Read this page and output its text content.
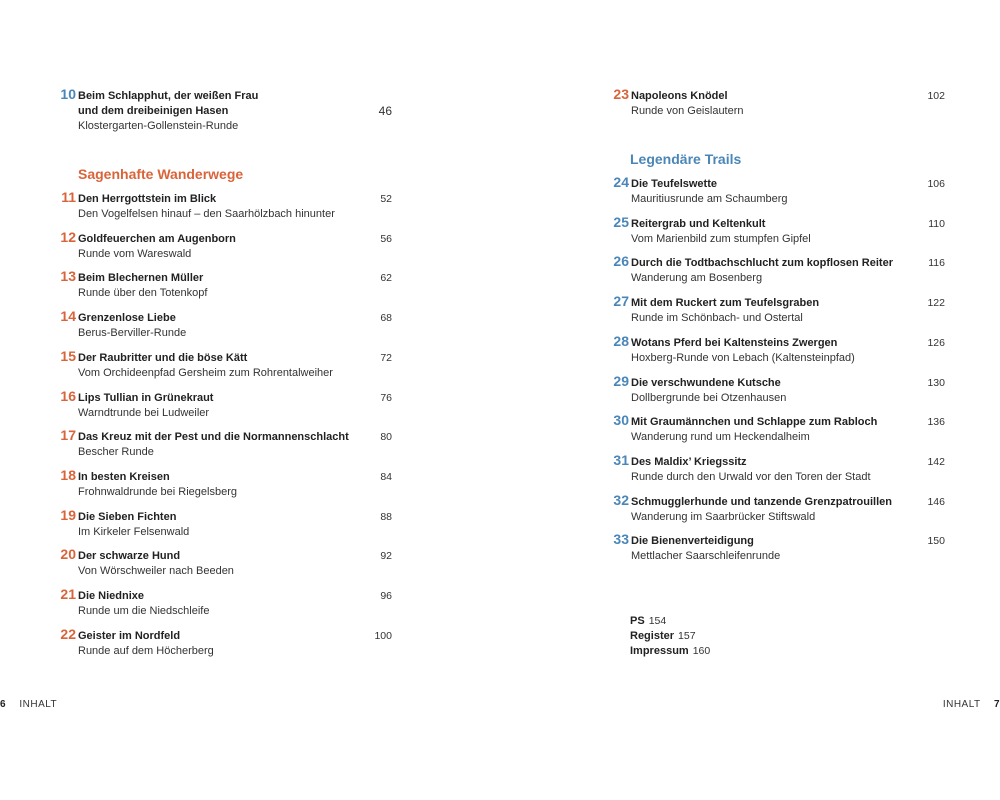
10 Beim Schlapphut, der weißen Frau
und dem dreibeinigen Hasen
Klostergarten-Gollenstein-Runde
46
Sagenhafte Wanderwege
11 Den Herrgottstein im Blick
Den Vogelfelsen hinauf – den Saarhölzbach hinunter
52
12 Goldfeuerchen am Augenborn
Runde vom Wareswald
56
13 Beim Blechernen Müller
Runde über den Totenkopf
62
14 Grenzenlose Liebe
Berus-Berviller-Runde
68
15 Der Raubritter und die böse Kätt
Vom Orchideenpfad Gersheim zum Rohrentalweiher
72
16 Lips Tullian in Grünekraut
Warndtrunde bei Ludweiler
76
17 Das Kreuz mit der Pest und die Normannenschlacht
Bescher Runde
80
18 In besten Kreisen
Frohnwaldrunde bei Riegelsberg
84
19 Die Sieben Fichten
Im Kirkeler Felsenwald
88
20 Der schwarze Hund
Von Wörschweiler nach Beeden
92
21 Die Niednixe
Runde um die Niedschleife
96
22 Geister im Nordfeld
Runde auf dem Höcherberg
100
6 INHALT
23 Napoleons Knödel
Runde von Geislautern
102
Legendäre Trails
24 Die Teufelswette
Mauritiusrunde am Schaumberg
106
25 Reitergrab und Keltenkult
Vom Marienbild zum stumpfen Gipfel
110
26 Durch die Todtbachschlucht zum kopflosen Reiter
Wanderung am Bosenberg
116
27 Mit dem Ruckert zum Teufelsgraben
Runde im Schönbach- und Ostertal
122
28 Wotans Pferd bei Kaltensteins Zwergen
Hoxberg-Runde von Lebach (Kaltensteinpfad)
126
29 Die verschwundene Kutsche
Dollbergrunde bei Otzenhausen
130
30 Mit Graumännchen und Schlappe zum Rabloch
Wanderung rund um Heckendalheim
136
31 Des Maldix’ Kriegssitz
Runde durch den Urwald vor den Toren der Stadt
142
32 Schmugglerhunde und tanzende Grenzpatrouillen
Wanderung im Saarbrücker Stiftswald
146
33 Die Bienenverteidigung
Mettlacher Saarschleifenrunde
150
PS 154
Register 157
Impressum 160
INHALT 7
